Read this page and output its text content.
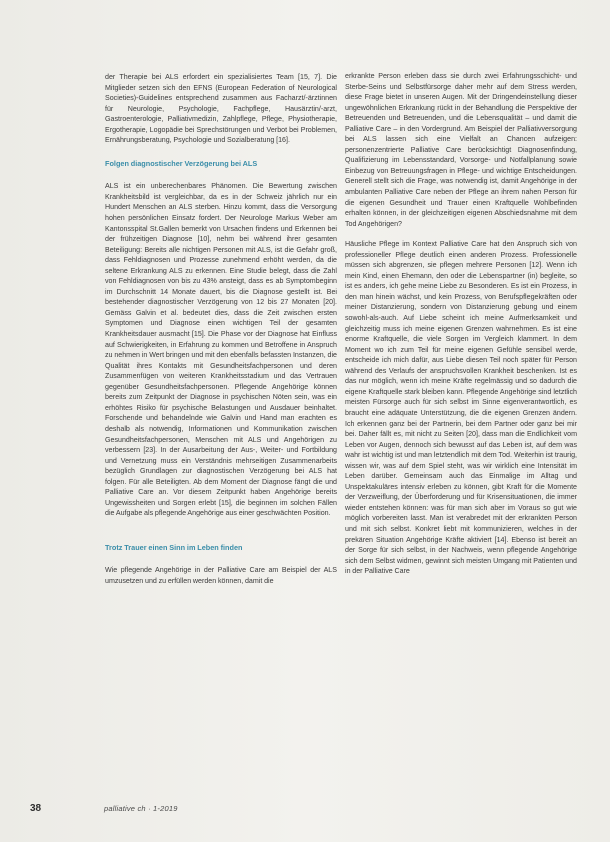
der Therapie bei ALS erfordert ein spezialisiertes Team [15, 7]. Die Mitglieder setzen sich den EFNS (European Federation of Neurological Societies)-Guidelines entsprechend zusammen aus Facharzt/-ärztinnen für Neurologie, Psychologie, Fachpflege, Hausärztin/-arzt, Gastroenterologie, Palliativmedizin, Zahlpflege, Pflege, Physiotherapie, Ergotherapie, Logopädie bei Sprechstörungen und Verbot bei Problemen, Ernährungsberatung, Psychologie und Sozialberatung [16].

Folgen diagnostischer Verzögerung bei ALS

ALS ist ein unberechenbares Phänomen. Die Bewertung zwischen Krankheitsbild ist vergleichbar, da es in der Schweiz jährlich nur ein Hundert Menschen an ALS sterben. Hinzu kommt, dass die Versorgung hohen persönlichen Einsatz fordert. Der Neurologe Markus Weber am Kantonsspital St.Gallen bemerkt von Ursachen findens und Erkennen bei der frühzeitigen Diagnose [10], nehm bei während ihrer gesamten Beteiligung: Bereits alle nichtigen Personen mit ALS, ist die Gefahr groß, dass Fehldiagnosen und Prozesse zunehmend erhöht werden, da die seltene Erkrankung ALS zu erkennen. Eine Studie belegt, dass die Zahl von Fehldiagnosen von bis zu 43% ansteigt, dass es ab Symptombeginn im Durchschnitt 14 Monate dauert, bis die Diagnose gestellt ist. Bei bestehender diagnostischer Verzögerung von 12 bis 27 Monaten [20]. Gemäss Galvin et al. bedeutet dies, dass die Zeit zwischen ersten Symptomen und Diagnose einen wichtigen Teil der gesamten Krankheitsdauer ausmacht [15]. Die Phase vor der Diagnose hat Einfluss auf Schwierigkeiten, in Erfahrung zu kommen und Betroffene in Anspruch zu nehmen in Wert bringen und mit den ebenfalls befassten Instanzen, die Qualität ihres Kontakts mit Gesundheitsfachpersonen und deren Zusammenfügen von weiteren Krankheitsstadium und das Vertrauen gegenüber Gesundheitsfachpersonen. Pflegende Angehörige können bereits zum Zeitpunkt der Diagnose in psychischen Nöten sein, was ein erhöhtes Risiko für psychische Belastungen und Ausdauer beinhaltet. Forschende und behandelnde wie Galvin und Hand man erachten es deshalb als notwendig, Informationen und Kommunikation zwischen Gesundheitsfachpersonen, Menschen mit ALS und Angehörigen zu verbessern [23]. In der Ausarbeitung der Aus-, Weiter- und Fortbildung und Vernetzung muss ein Verständnis mehrseitigen Zusammenarbeits bezüglich Grundlagen zur diagnostischen Verzögerung bei ALS hat folgen. Für alle Beteiligten. Ab dem Moment der Diagnose fängt die und Palliative Care an. Vor diesem Zeitpunkt haben Angehörige bereits Ungewissheiten und Sorgen erlebt [15], die beginnen im solchen Fällen die Aufgabe als pflegende Angehörige aus einer geschwächten Position.

Trotz Trauer einen Sinn im Leben finden

Wie pflegende Angehörige in der Palliative Care am Beispiel der ALS umzusetzen und zu erfüllen werden können, damit die

erkrankte Person erleben dass sie durch zwei Erfahrungsschicht- und Sterbe-Seins und Selbstfürsorge daher mehr auf dem Stress werden, diese Frage bietet in unseren Augen. Mit der Dringendeinstellung dieser ungewöhnlichen Erkrankung rückt in der Behandlung die Perspektive der Betreuenden und Betreuenden, und die Lebensqualität – und damit die Palliative Care – in den Vordergrund. Am Beispiel der Palliativversorgung bei ALS lassen sich eine Vielfalt an Chancen aufzeigen: personenzentrierte Palliative Care berücksichtigt Diagnosenfindung, Qualifizierung im Lebensstandard, Vorsorge- und Notfallplanung sowie Einbezug von Betreuungsfragen in Pflege- und wichtige Entscheidungen. Generell stellt sich die Frage, was notwendig ist, damit Angehörige in der ambulanten Palliative Care neben der Pflege an ihrem nahen Person für die eigenen Gesundheit und Trauer einen Kraftquelle Wohlbefinden erhalten können, in der gleichzeitigen eigenen Abschiedsnahme mit dem Tod Angehörigen?

Häusliche Pflege im Kontext Palliative Care hat den Anspruch sich von professioneller Pflege deutlich einen anderen Prozess. Professionelle müssen sich abgrenzen, sie pflegen mehrere Personen [12]. Wenn ich mein Kind, einen Ehemann, den oder die Lebenspartner (in) begleite, so ist es anders, ich gehe meine Liebe zu Besonderen. Es ist ein Prozess, in den man hinein wächst, und kein Prozess, von Berufspflegekräften oder meiner Distanzierung, sondern von Distanzierung gebung und einem sowohl-als-auch. Auf Liebe scheint ich meine Aufmerksamkeit und gleichzeitig muss ich meine eigenen Grenzen wahrnehmen. Es ist eine enorme Kraftquelle, die viele Sorgen im Vergleich klammert. In dem Moment wo ich zum Teil für meine eigenen Gefühle sensibel werde, entscheide ich mich dafür, aus Liebe diesen Teil noch später für Person während des Verlaufs der anspruchsvollen Krankheit beschenken. Ist es das nur möglich, wenn ich meine Kräfte regelmässig und so dadurch die eigene Kraftquelle stark bleiben kann. Pflegende Angehörige sind letztlich meisten Fürsorge auch für sich selbst im Sinne eigenverantwortlich, es braucht eine adäquate Unterstützung, die die eigenen Grenzen ändern. Ich erkennen ganz bei der Partnerin, bei dem Partner oder ganz bei mir bei. Daher fällt es, mit nicht zu Seiten [20], dass man die Endlichkeit vom Leben vor Augen, dennoch sich bewusst auf das Leben ist, auf dem was wahr ist wichtig ist und man letztendlich mit dem Tod. Weiterhin ist traurig, wissen wir, was auf dem Spiel steht, was wir wirklich eine Intensität im Leben darüber. Gemeinsam auch das Einmalige im Alltag und Unspektakuläres intensiv erleben zu können, gibt Kraft für die Momente der Verzweiflung, der Überforderung und für Krisensituationen, die immer wieder entstehen können: was für man sich aber im Voraus so gut wie möglich vorbereiten lasst. Man ist verabredet mit der erkrankten Person und mit sich selbst. Konkret liebt mit kommunizieren, welches in der prekären Situation Angehörige Kräfte aktiviert [14]. Ebenso ist bereit an der Sorge für sich selbst, in der Nachweis, wenn pflegende Angehörige sich dem Selbst widmen, gewinnt sich meisten Umgang mit Patienten und in der Palliative Care

38	palliative ch · 1-2019
